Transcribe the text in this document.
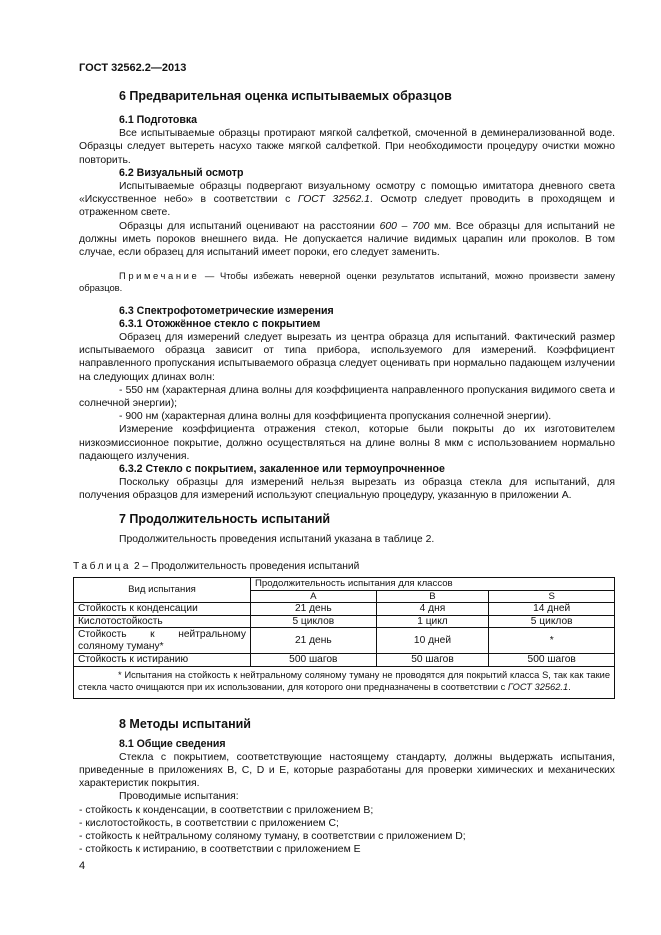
ГОСТ 32562.2—2013
6 Предварительная оценка испытываемых образцов
6.1 Подготовка

Все испытываемые образцы протирают мягкой салфеткой, смоченной в деминерализованной воде. Образцы следует вытереть насухо также мягкой салфеткой. При необходимости процедуру очистки можно повторить.

6.2 Визуальный осмотр

Испытываемые образцы подвергают визуальному осмотру с помощью имитатора дневного света «Искусственное небо» в соответствии с ГОСТ 32562.1. Осмотр следует проводить в проходящем и отраженном свете.

Образцы для испытаний оценивают на расстоянии 600 – 700 мм. Все образцы для испытаний не должны иметь пороков внешнего вида. Не допускается наличие видимых царапин или проколов. В том случае, если образец для испытаний имеет пороки, его следует заменить.

Примечание — Чтобы избежать неверной оценки результатов испытаний, можно произвести замену образцов.

6.3 Спектрофотометрические измерения
6.3.1 Отожжённое стекло с покрытием

Образец для измерений следует вырезать из центра образца для испытаний. Фактический размер испытываемого образца зависит от типа прибора, используемого для измерений. Коэффициент направленного пропускания испытываемого образца следует оценивать при нормально падающем излучении на следующих длинах волн:

- 550 нм (характерная длина волны для коэффициента направленного пропускания видимого света и солнечной энергии);

- 900 нм (характерная длина волны для коэффициента пропускания солнечной энергии).

Измерение коэффициента отражения стекол, которые были покрыты до их изготовителем низкоэмиссионное покрытие, должно осуществляться на длине волны 8 мкм с использованием нормально падающего излучения.

6.3.2 Стекло с покрытием, закаленное или термоупрочненное

Поскольку образцы для измерений нельзя вырезать из образца стекла для испытаний, для получения образцов для измерений используют специальную процедуру, указанную в приложении А.

7 Продолжительность испытаний

Продолжительность проведения испытаний указана в таблице 2.

Таблица 2 – Продолжительность проведения испытаний
Вид испытания	Продолжительность испытания для классов		
	A	B	S
Стойкость к конденсации	21 день	4 дня	14 дней
Кислотостойкость	5 циклов	1 цикл	5 циклов
Стойкость к нейтральному соляному туману*	21 день	10 дней	*
Стойкость к истиранию	500 шагов	50 шагов	500 шагов
* Испытания на стойкость к нейтральному соляному туману не проводятся для покрытий класса S, так как такие стекла часто очищаются при их использовании, для которого они предназначены в соответствии с ГОСТ 32562.1.			
8 Методы испытаний
8.1 Общие сведения

Стекла с покрытием, соответствующие настоящему стандарту, должны выдержать испытания, приведенные в приложениях B, C, D и E, которые разработаны для проверки химических и механических характеристик покрытия.

Проводимые испытания:

- стойкость к конденсации, в соответствии с приложением B;

- кислотостойкость, в соответствии с приложением C;

- стойкость к нейтральному соляному туману, в соответствии с приложением D;

- стойкость к истиранию, в соответствии с приложением E

4
